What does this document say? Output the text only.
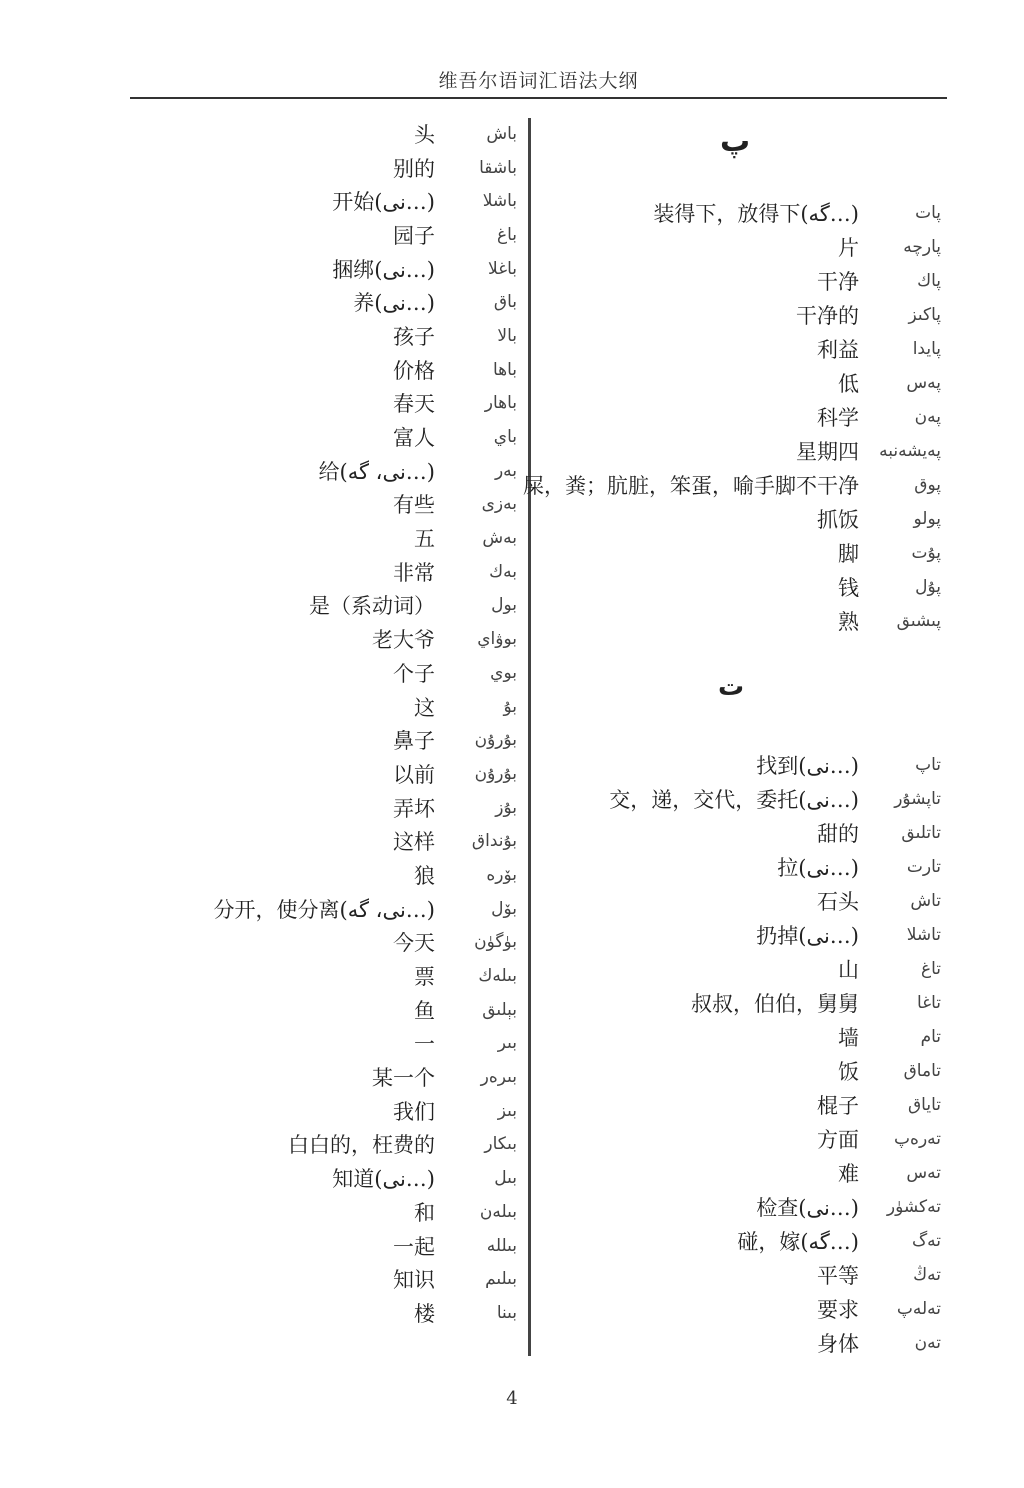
维吾尔语词汇语法大纲
باش
头
باشقا
别的
باشلا
开始(نى…)
باغ
园子
باغلا
捆绑(نى…)
باق
养(نى…)
بالا
孩子
باها
价格
باھار
春天
باي
富人
بەر
给(نى، گە…)
بەزى
有些
بەش
五
بەك
非常
بول
是（系动词）
بوۋاي
老大爷
بوي
个子
بۇ
这
بۇرۇن
鼻子
بۇرۇن
以前
بۇز
弄坏
بۇنداق
这样
بۆرە
狼
بۆل
分开，使分离(نى، گە…)
بۈگۈن
今天
بىلەك
票
بېلىق
鱼
بىر
一
بىرەر
某一个
بىز
我们
بىكار
白白的，枉费的
بىل
知道(نى…)
بىلەن
和
بىللە
一起
بىلىم
知识
بىنا
楼
پ
پات
装得下，放得下(گە…)
پارچە
片
پاك
干净
پاكىز
干净的
پايدا
利益
پەس
低
پەن
科学
پەيشەنبە
星期四
پوق
屎，粪；肮脏，笨蛋，喻手脚不干净
پولو
抓饭
پۇت
脚
پۇل
钱
پىشىق
熟
ت
تاپ
找到(نى…)
تاپشۇر
交，递，交代，委托(نى…)
تاتلىق
甜的
تارت
拉(نى…)
تاش
石头
تاشلا
扔掉(نى…)
تاغ
山
تاغا
叔叔，伯伯，舅舅
تام
墙
تاماق
饭
تاياق
棍子
تەرەپ
方面
تەس
难
تەكشۈر
检查(نى…)
تەگ
碰，嫁(گە…)
تەڭ
平等
تەلەپ
要求
تەن
身体
4
